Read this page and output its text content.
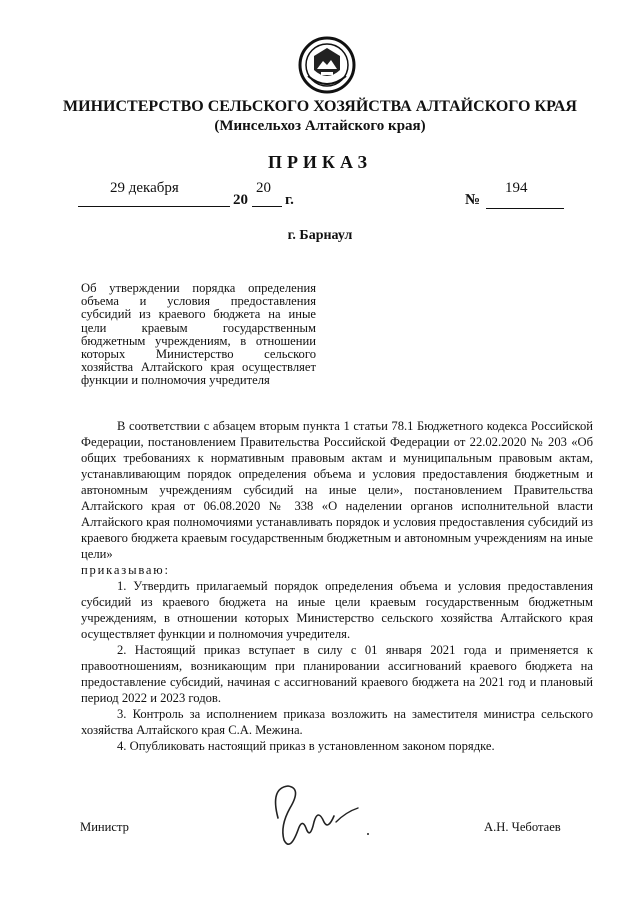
МИНИСТЕРСТВО СЕЛЬСКОГО ХОЗЯЙСТВА АЛТАЙСКОГО КРАЯ
(Минсельхоз Алтайского края)
ПРИКАЗ
29 декабря
20
20
г.	№
194
г. Барнаул
Об утверждении порядка определения объема и условия предоставления субсидий из краевого бюджета на иные цели краевым государственным бюджетным учреждениям, в отношении которых Министерство сельского хозяйства Алтайского края осуществляет функции и полномочия учредителя

В соответствии с абзацем вторым пункта 1 статьи 78.1 Бюджетного кодекса Российской Федерации, постановлением Правительства Российской Федерации от 22.02.2020 № 203 «Об общих требованиях к нормативным правовым актам и муниципальным правовым актам, устанавливающим порядок определения объема и условия предоставления бюджетным и автономным учреждениям субсидий на иные цели», постановлением Правительства Алтайского края от 06.08.2020 № 338 «О наделении органов исполнительной власти Алтайского края полномочиями устанавливать порядок и условия предоставления субсидий из краевого бюджета краевым государственным бюджетным и автономным учреждениям на иные цели»

приказываю:

1. Утвердить прилагаемый порядок определения объема и условия предоставления субсидий из краевого бюджета на иные цели краевым государственным бюджетным учреждениям, в отношении которых Министерство сельского хозяйства Алтайского края осуществляет функции и полномочия учредителя.

2. Настоящий приказ вступает в силу с 01 января 2021 года и применяется к правоотношениям, возникающим при планировании ассигнований краевого бюджета на предоставление субсидий, начиная с ассигнований краевого бюджета на 2021 год и плановый период 2022 и 2023 годов.

3. Контроль за исполнением приказа возложить на заместителя министра сельского хозяйства Алтайского края С.А. Межина.

4. Опубликовать настоящий приказ в установленном законом порядке.

Министр	А.Н. Чеботаев
